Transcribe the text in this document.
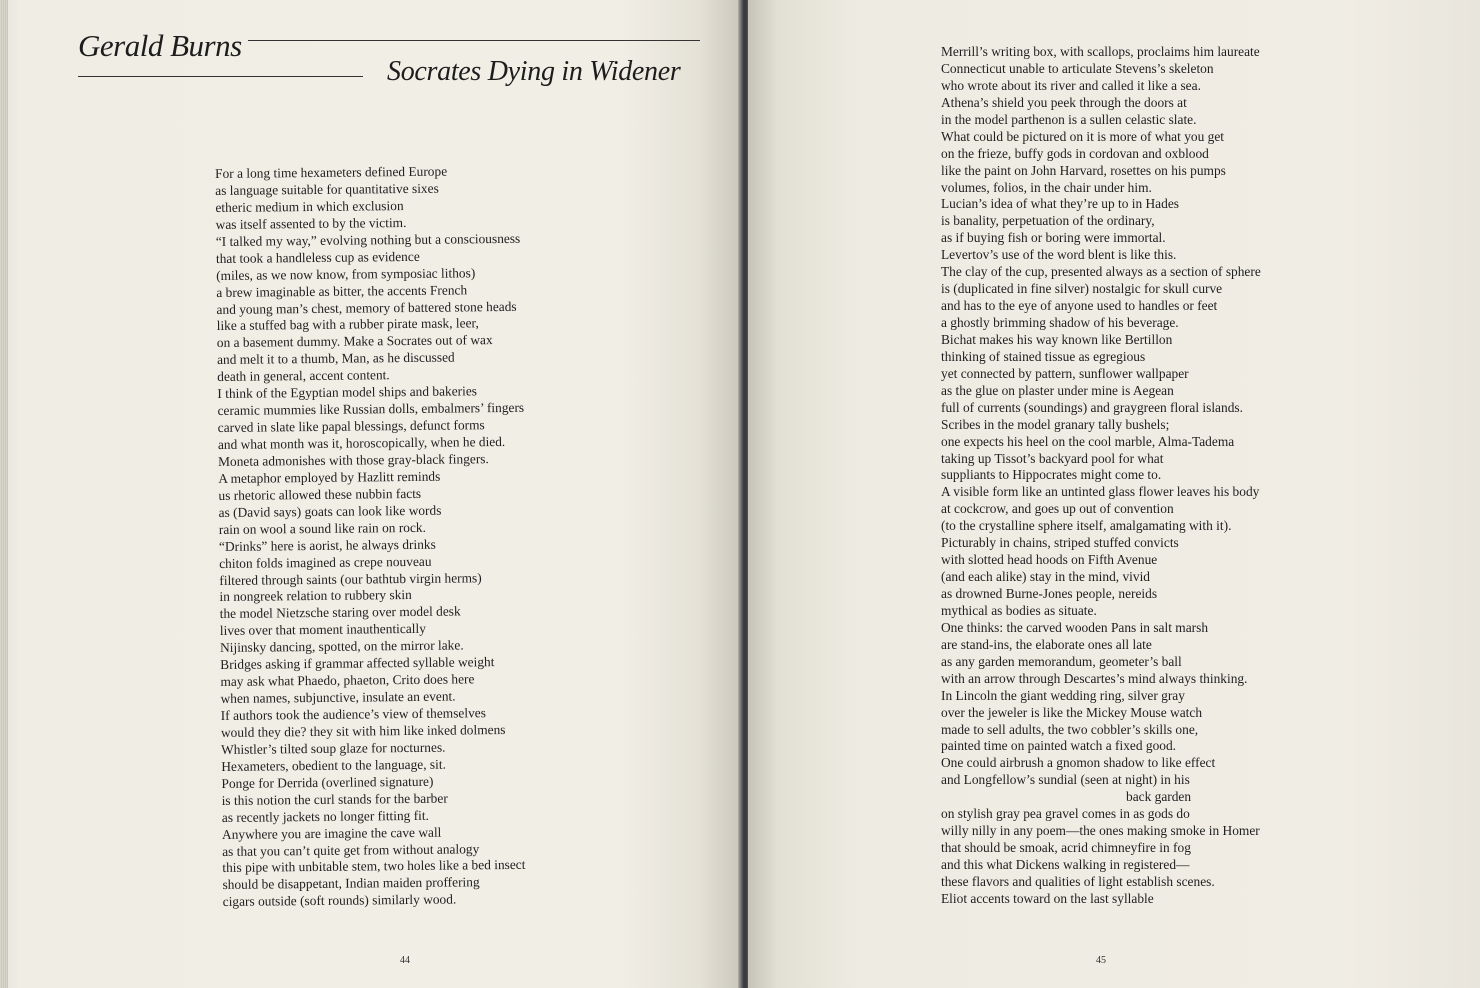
Gerald Burns
Socrates Dying in Widener
For a long time hexameters defined Europe
as language suitable for quantitative sixes
etheric medium in which exclusion
was itself assented to by the victim.
“I talked my way,” evolving nothing but a consciousness
that took a handleless cup as evidence
(miles, as we now know, from symposiac lithos)
a brew imaginable as bitter, the accents French
and young man’s chest, memory of battered stone heads
like a stuffed bag with a rubber pirate mask, leer,
on a basement dummy. Make a Socrates out of wax
and melt it to a thumb, Man, as he discussed
death in general, accent content.
I think of the Egyptian model ships and bakeries
ceramic mummies like Russian dolls, embalmers’ fingers
carved in slate like papal blessings, defunct forms
and what month was it, horoscopically, when he died.
Moneta admonishes with those gray-black fingers.
A metaphor employed by Hazlitt reminds
us rhetoric allowed these nubbin facts
as (David says) goats can look like words
rain on wool a sound like rain on rock.
“Drinks” here is aorist, he always drinks
chiton folds imagined as crepe nouveau
filtered through saints (our bathtub virgin herms)
in nongreek relation to rubbery skin
the model Nietzsche staring over model desk
lives over that moment inauthentically
Nijinsky dancing, spotted, on the mirror lake.
Bridges asking if grammar affected syllable weight
may ask what Phaedo, phaeton, Crito does here
when names, subjunctive, insulate an event.
If authors took the audience’s view of themselves
would they die? they sit with him like inked dolmens
Whistler’s tilted soup glaze for nocturnes.
Hexameters, obedient to the language, sit.
Ponge for Derrida (overlined signature)
is this notion the curl stands for the barber
as recently jackets no longer fitting fit.
Anywhere you are imagine the cave wall
as that you can’t quite get from without analogy
this pipe with unbitable stem, two holes like a bed insect
should be disappetant, Indian maiden proffering
cigars outside (soft rounds) similarly wood.
44
Merrill’s writing box, with scallops, proclaims him laureate
Connecticut unable to articulate Stevens’s skeleton
who wrote about its river and called it like a sea.
Athena’s shield you peek through the doors at
in the model parthenon is a sullen celastic slate.
What could be pictured on it is more of what you get
on the frieze, buffy gods in cordovan and oxblood
like the paint on John Harvard, rosettes on his pumps
volumes, folios, in the chair under him.
Lucian’s idea of what they’re up to in Hades
is banality, perpetuation of the ordinary,
as if buying fish or boring were immortal.
Levertov’s use of the word blent is like this.
The clay of the cup, presented always as a section of sphere
is (duplicated in fine silver) nostalgic for skull curve
and has to the eye of anyone used to handles or feet
a ghostly brimming shadow of his beverage.
Bichat makes his way known like Bertillon
thinking of stained tissue as egregious
yet connected by pattern, sunflower wallpaper
as the glue on plaster under mine is Aegean
full of currents (soundings) and graygreen floral islands.
Scribes in the model granary tally bushels;
one expects his heel on the cool marble, Alma-Tadema
taking up Tissot’s backyard pool for what
suppliants to Hippocrates might come to.
A visible form like an untinted glass flower leaves his body
at cockcrow, and goes up out of convention
(to the crystalline sphere itself, amalgamating with it).
Picturably in chains, striped stuffed convicts
with slotted head hoods on Fifth Avenue
(and each alike) stay in the mind, vivid
as drowned Burne-Jones people, nereids
mythical as bodies as situate.
One thinks: the carved wooden Pans in salt marsh
are stand-ins, the elaborate ones all late
as any garden memorandum, geometer’s ball
with an arrow through Descartes’s mind always thinking.
In Lincoln the giant wedding ring, silver gray
over the jeweler is like the Mickey Mouse watch
made to sell adults, the two cobbler’s skills one,
painted time on painted watch a fixed good.
One could airbrush a gnomon shadow to like effect
and Longfellow’s sundial (seen at night) in his
back garden
on stylish gray pea gravel comes in as gods do
willy nilly in any poem—the ones making smoke in Homer
that should be smoak, acrid chimneyfire in fog
and this what Dickens walking in registered—
these flavors and qualities of light establish scenes.
Eliot accents toward on the last syllable
45
